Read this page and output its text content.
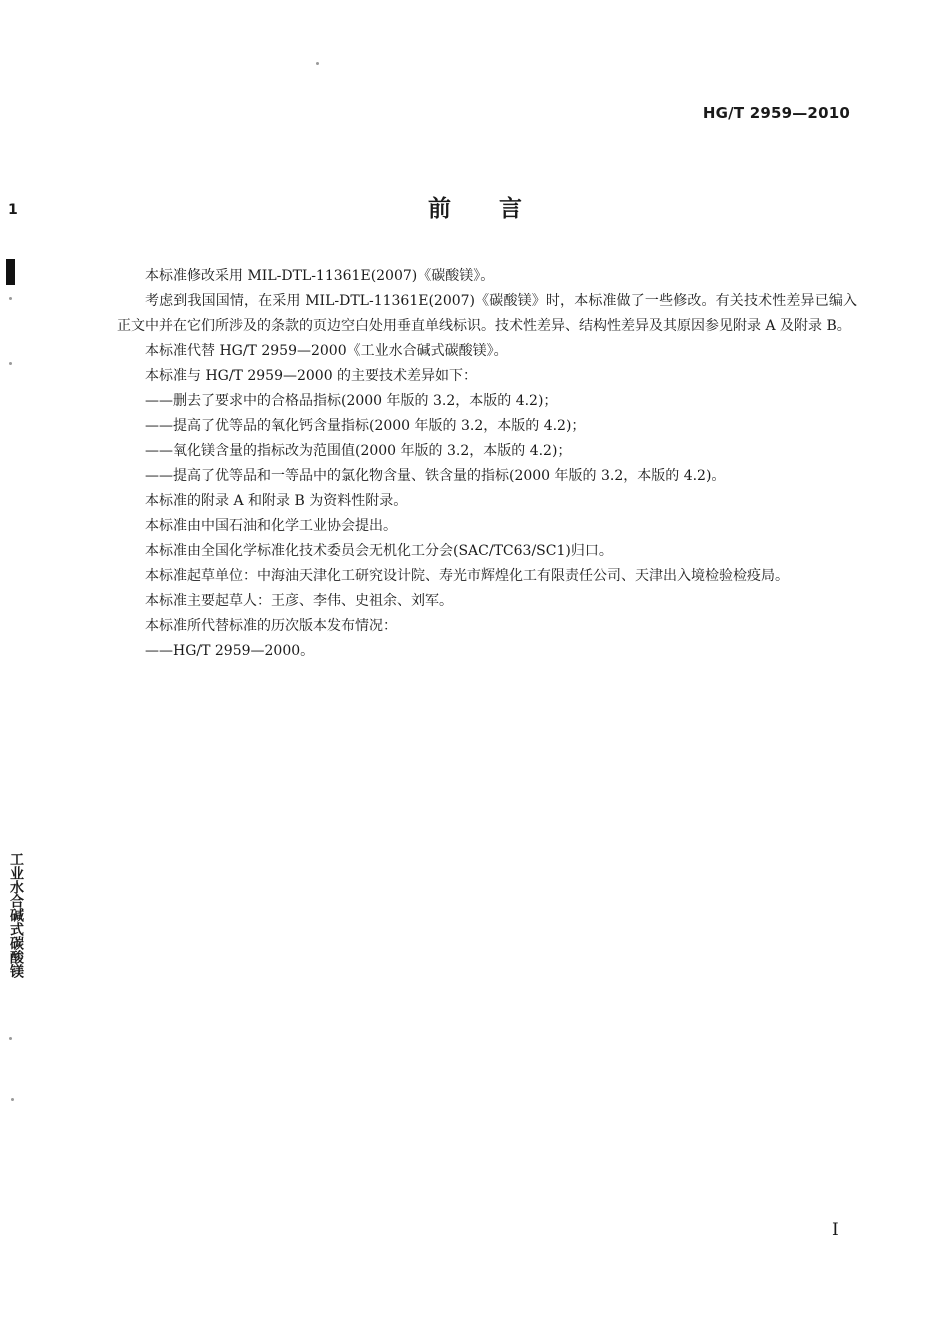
HG/T 2959—2010
1	前言

本标准修改采用 MIL-DTL-11361E(2007)《碳酸镁》。

考虑到我国国情，在采用 MIL-DTL-11361E(2007)《碳酸镁》时，本标准做了一些修改。有关技术性差异已编入正文中并在它们所涉及的条款的页边空白处用垂直单线标识。技术性差异、结构性差异及其原因参见附录 A 及附录 B。

本标准代替 HG/T 2959—2000《工业水合碱式碳酸镁》。

本标准与 HG/T 2959—2000 的主要技术差异如下：

——删去了要求中的合格品指标(2000 年版的 3.2，本版的 4.2)；

——提高了优等品的氧化钙含量指标(2000 年版的 3.2，本版的 4.2)；

——氧化镁含量的指标改为范围值(2000 年版的 3.2，本版的 4.2)；

——提高了优等品和一等品中的氯化物含量、铁含量的指标(2000 年版的 3.2，本版的 4.2)。

本标准的附录 A 和附录 B 为资料性附录。

本标准由中国石油和化学工业协会提出。

本标准由全国化学标准化技术委员会无机化工分会(SAC/TC63/SC1)归口。

本标准起草单位：中海油天津化工研究设计院、寿光市辉煌化工有限责任公司、天津出入境检验检疫局。

本标准主要起草人：王彦、李伟、史祖余、刘军。

本标准所代替标准的历次版本发布情况：

——HG/T 2959—2000。

工业水合碱式碳酸镁
I
